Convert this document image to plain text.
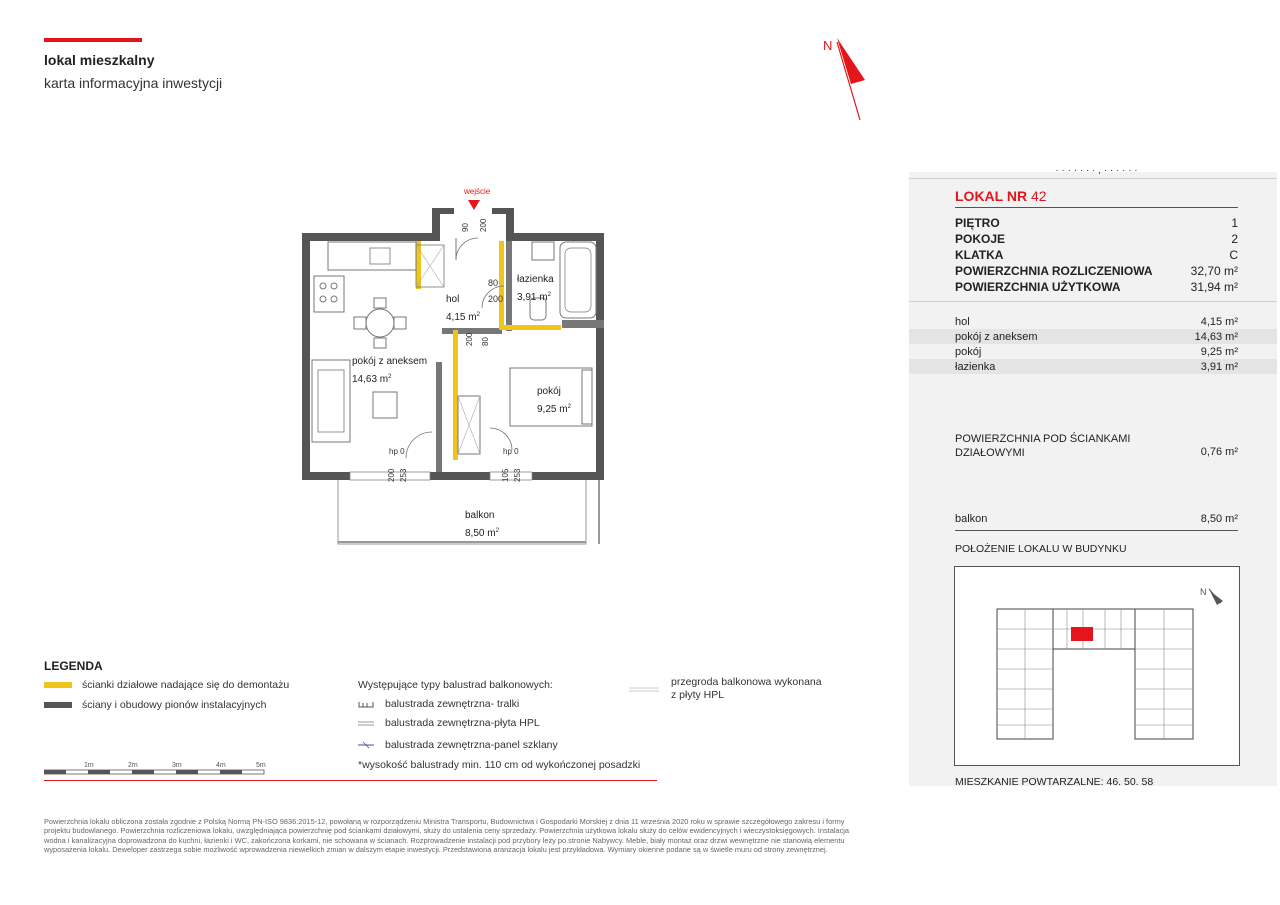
lokal mieszkalny
karta informacyjna inwestycji
N
wejście
90 200
80
200
200 80
hp 0
200 253
hp 0
105 253
hol
4,15 $m^2$
łazienka
3,91 $m^2$
pokój z aneksem
14,63 $m^2$
pokój
9,25 $m^2$
balkon
8,50 $m^2$
· · · · · · · , · · · · · ·
LOKAL NR 42
PIĘTRO	1
POKOJE	2
KLATKA	C
POWIERZCHNIA ROZLICZENIOWA	32,70 m²
POWIERZCHNIA UŻYTKOWA	31,94 m²
hol	4,15 m²
pokój z aneksem	14,63 m²
pokój	9,25 m²
łazienka	3,91 m²
POWIERZCHNIA POD ŚCIANKAMI
DZIAŁOWYMI	0,76 m²
balkon	8,50 m²
POŁOŻENIE LOKALU W BUDYNKU
N
MIESZKANIE POWTARZALNE: 46. 50. 58
LEGENDA
ścianki działowe nadające się do demontażu
ściany i obudowy pionów instalacyjnych
Występujące typy balustrad balkonowych:
balustrada zewnętrzna- tralki
balustrada zewnętrzna-płyta HPL
balustrada zewnętrzna-panel szklany
*wysokość balustrady min. 110 cm od wykończonej posadzki
przegroda balkonowa wykonana
z płyty HPL
1m	2m	3m	4m	5m
Powierzchnia lokalu obliczona została zgodnie z Polską Normą PN-ISO 9836:2015-12, powołaną w rozporządzeniu Ministra Transportu, Budownictwa i Gospodarki Morskiej z dnia 11 września 2020 roku w sprawie szczegółowego zakresu i formy projektu budowlanego. Powierzchnia rozliczeniowa lokalu, uwzględniająca powierzchnię pod ściankami działowymi, służy do ustalenia ceny sprzedaży. Powierzchnia użytkowa lokalu służy do celów ewidencyjnych i wieczystoksięgowych. Instalacja wodna i kanalizacyjna doprowadzona do kuchni, łazienki i WC, zakończona korkami, nie schowana w ścianach. Rozprowadzenie instalacji pod przybory leży po stronie Nabywcy. Meble, biały montaż oraz drzwi wewnętrzne nie stanowią elementu wyposażenia lokalu. Deweloper zastrzega sobie możliwość wprowadzenia niewielkich zmian w dalszym etapie inwestycji. Przedstawiona aranżacja lokalu jest przykładowa. Wymiary okienne podane są w świetle muru od strony zewnętrznej.
